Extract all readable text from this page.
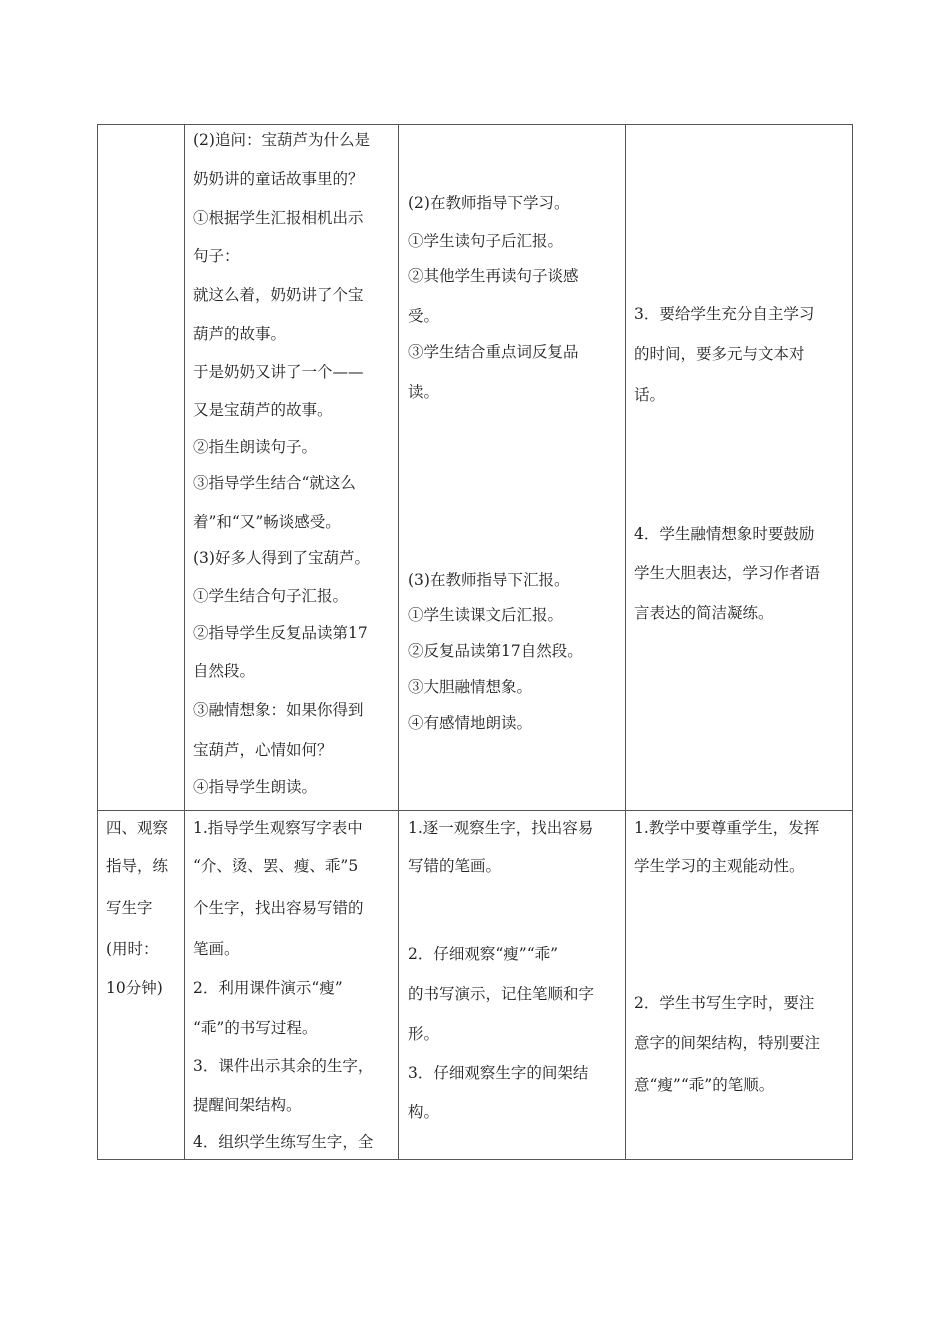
(2)追问：宝葫芦为什么是

奶奶讲的童话故事里的？

①根据学生汇报相机出示

句子：

就这么着，奶奶讲了个宝

葫芦的故事。

于是奶奶又讲了一个——

又是宝葫芦的故事。

②指生朗读句子。

③指导学生结合“就这么

着”和“又”畅谈感受。

(3)好多人得到了宝葫芦。

①学生结合句子汇报。

②指导学生反复品读第17

自然段。

③融情想象：如果你得到

宝葫芦，心情如何？

④指导学生朗读。

(2)在教师指导下学习。

①学生读句子后汇报。

②其他学生再读句子谈感

受。

③学生结合重点词反复品

读。

(3)在教师指导下汇报。

①学生读课文后汇报。

②反复品读第17自然段。

③大胆融情想象。

④有感情地朗读。

3．要给学生充分自主学习

的时间，要多元与文本对

话。

4．学生融情想象时要鼓励

学生大胆表达，学习作者语

言表达的简洁凝练。

四、观察

指导，练

写生字

(用时：

10分钟)

1.指导学生观察写字表中

“介、烫、罢、瘦、乖”5

个生字，找出容易写错的

笔画。

2．利用课件演示“瘦”

“乖”的书写过程。

3．课件出示其余的生字，

提醒间架结构。

4．组织学生练写生字，全

1.逐一观察生字，找出容易

写错的笔画。

2．仔细观察“瘦”“乖”

的书写演示，记住笔顺和字

形。

3．仔细观察生字的间架结

构。

1.教学中要尊重学生，发挥

学生学习的主观能动性。

2．学生书写生字时，要注

意字的间架结构，特别要注

意“瘦”“乖”的笔顺。
